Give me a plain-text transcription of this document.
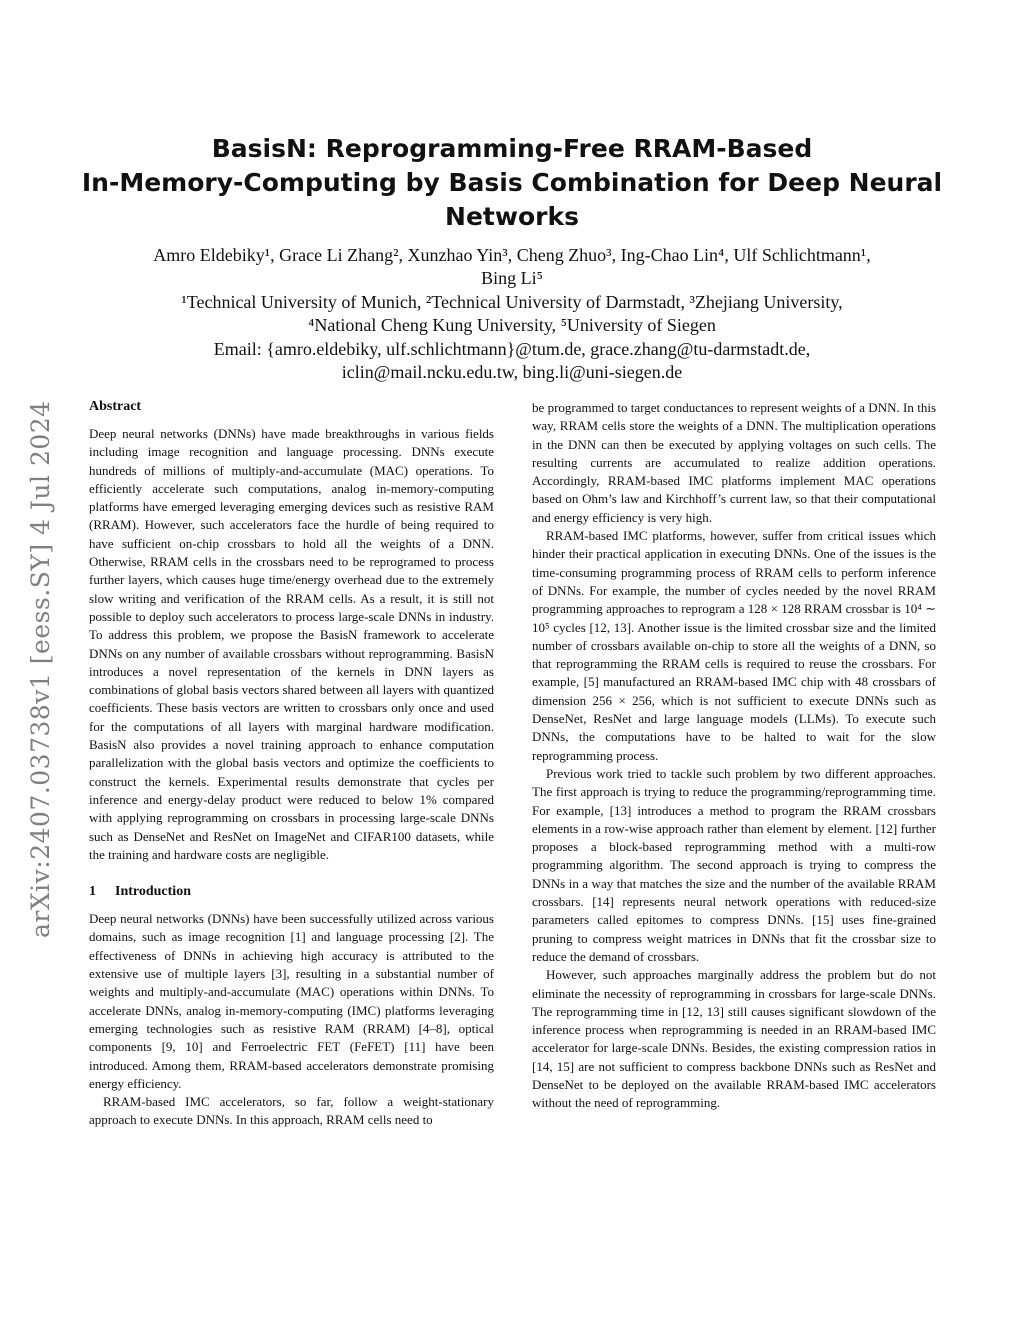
arXiv:2407.03738v1 [eess.SY] 4 Jul 2024
BasisN: Reprogramming-Free RRAM-Based
In-Memory-Computing by Basis Combination for Deep Neural
Networks
Amro Eldebiky¹, Grace Li Zhang², Xunzhao Yin³, Cheng Zhuo³, Ing-Chao Lin⁴, Ulf Schlichtmann¹,
Bing Li⁵
¹Technical University of Munich, ²Technical University of Darmstadt, ³Zhejiang University,
⁴National Cheng Kung University, ⁵University of Siegen
Email: {amro.eldebiky, ulf.schlichtmann}@tum.de, grace.zhang@tu-darmstadt.de,
iclin@mail.ncku.edu.tw, bing.li@uni-siegen.de
Abstract

Deep neural networks (DNNs) have made breakthroughs in various fields including image recognition and language processing. DNNs execute hundreds of millions of multiply-and-accumulate (MAC) operations. To efficiently accelerate such computations, analog in-memory-computing platforms have emerged leveraging emerging devices such as resistive RAM (RRAM). However, such accelerators face the hurdle of being required to have sufficient on-chip crossbars to hold all the weights of a DNN. Otherwise, RRAM cells in the crossbars need to be reprogramed to process further layers, which causes huge time/energy overhead due to the extremely slow writing and verification of the RRAM cells. As a result, it is still not possible to deploy such accelerators to process large-scale DNNs in industry. To address this problem, we propose the BasisN framework to accelerate DNNs on any number of available crossbars without reprogramming. BasisN introduces a novel representation of the kernels in DNN layers as combinations of global basis vectors shared between all layers with quantized coefficients. These basis vectors are written to crossbars only once and used for the computations of all layers with marginal hardware modification. BasisN also provides a novel training approach to enhance computation parallelization with the global basis vectors and optimize the coefficients to construct the kernels. Experimental results demonstrate that cycles per inference and energy-delay product were reduced to below 1% compared with applying reprogramming on crossbars in processing large-scale DNNs such as DenseNet and ResNet on ImageNet and CIFAR100 datasets, while the training and hardware costs are negligible.

1 Introduction

Deep neural networks (DNNs) have been successfully utilized across various domains, such as image recognition [1] and language processing [2]. The effectiveness of DNNs in achieving high accuracy is attributed to the extensive use of multiple layers [3], resulting in a substantial number of weights and multiply-and-accumulate (MAC) operations within DNNs. To accelerate DNNs, analog in-memory-computing (IMC) platforms leveraging emerging technologies such as resistive RAM (RRAM) [4–8], optical components [9, 10] and Ferroelectric FET (FeFET) [11] have been introduced. Among them, RRAM-based accelerators demonstrate promising energy efficiency.

RRAM-based IMC accelerators, so far, follow a weight-stationary approach to execute DNNs. In this approach, RRAM cells need to

be programmed to target conductances to represent weights of a DNN. In this way, RRAM cells store the weights of a DNN. The multiplication operations in the DNN can then be executed by applying voltages on such cells. The resulting currents are accumulated to realize addition operations. Accordingly, RRAM-based IMC platforms implement MAC operations based on Ohm’s law and Kirchhoff’s current law, so that their computational and energy efficiency is very high.

RRAM-based IMC platforms, however, suffer from critical issues which hinder their practical application in executing DNNs. One of the issues is the time-consuming programming process of RRAM cells to perform inference of DNNs. For example, the number of cycles needed by the novel RRAM programming approaches to reprogram a 128 × 128 RRAM crossbar is 10⁴ ∼ 10⁵ cycles [12, 13]. Another issue is the limited crossbar size and the limited number of crossbars available on-chip to store all the weights of a DNN, so that reprogramming the RRAM cells is required to reuse the crossbars. For example, [5] manufactured an RRAM-based IMC chip with 48 crossbars of dimension 256 × 256, which is not sufficient to execute DNNs such as DenseNet, ResNet and large language models (LLMs). To execute such DNNs, the computations have to be halted to wait for the slow reprogramming process.

Previous work tried to tackle such problem by two different approaches. The first approach is trying to reduce the programming/reprogramming time. For example, [13] introduces a method to program the RRAM crossbars elements in a row-wise approach rather than element by element. [12] further proposes a block-based reprogramming method with a multi-row programming algorithm. The second approach is trying to compress the DNNs in a way that matches the size and the number of the available RRAM crossbars. [14] represents neural network operations with reduced-size parameters called epitomes to compress DNNs. [15] uses fine-grained pruning to compress weight matrices in DNNs that fit the crossbar size to reduce the demand of crossbars.

However, such approaches marginally address the problem but do not eliminate the necessity of reprogramming in crossbars for large-scale DNNs. The reprogramming time in [12, 13] still causes significant slowdown of the inference process when reprogramming is needed in an RRAM-based IMC accelerator for large-scale DNNs. Besides, the existing compression ratios in [14, 15] are not sufficient to compress backbone DNNs such as ResNet and DenseNet to be deployed on the available RRAM-based IMC accelerators without the need of reprogramming.
